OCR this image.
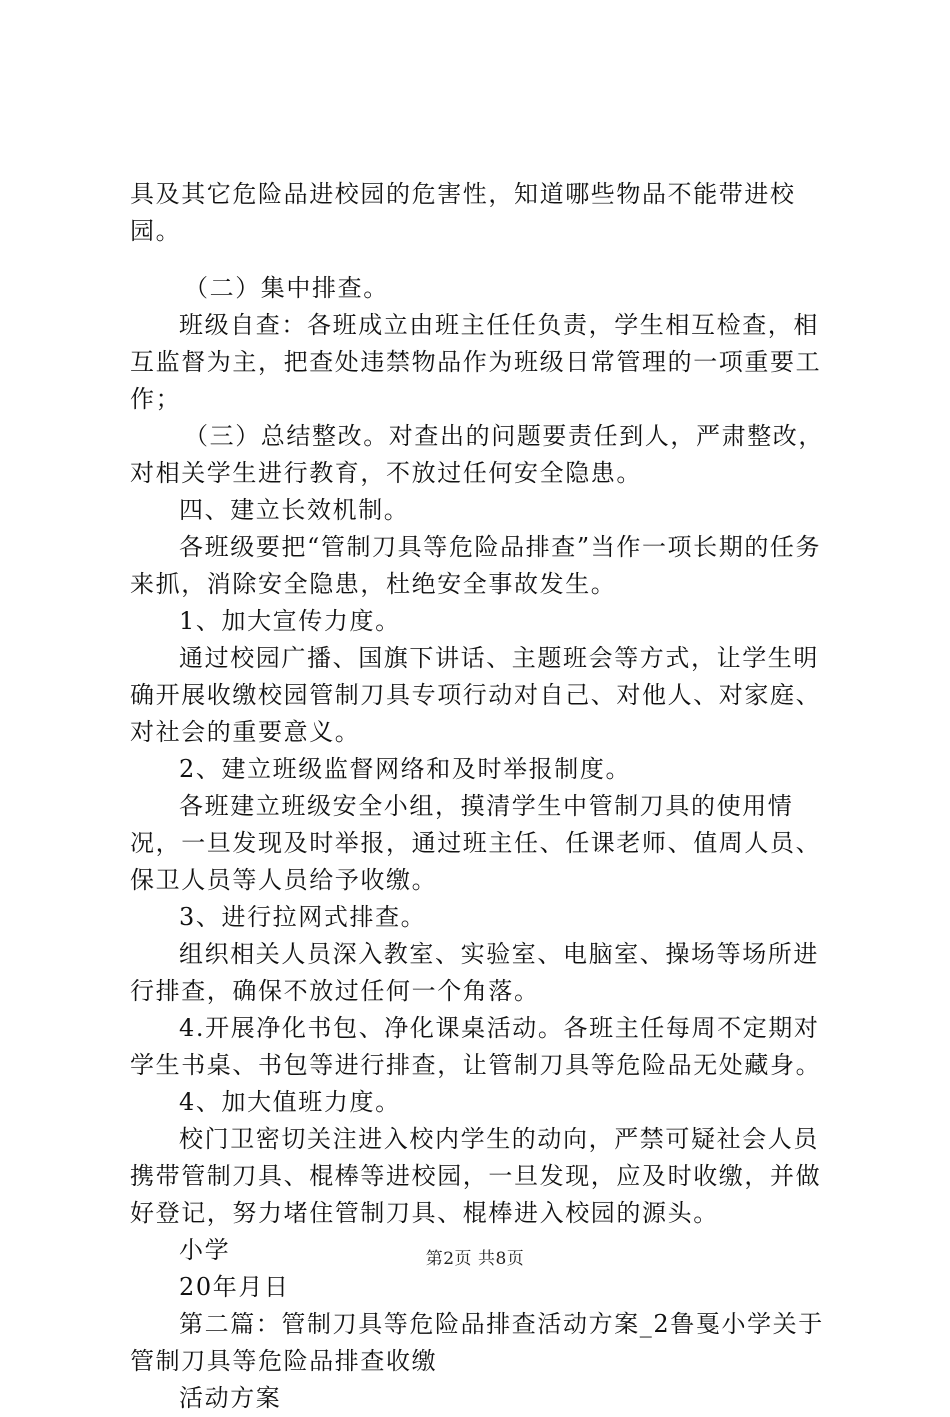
具及其它危险品进校园的危害性，知道哪些物品不能带进校园。

（二）集中排查。

班级自查：各班成立由班主任任负责，学生相互检查，相互监督为主，把查处违禁物品作为班级日常管理的一项重要工作；

（三）总结整改。对查出的问题要责任到人，严肃整改，对相关学生进行教育，不放过任何安全隐患。

四、建立长效机制。

各班级要把“管制刀具等危险品排查”当作一项长期的任务来抓，消除安全隐患，杜绝安全事故发生。

1、加大宣传力度。

通过校园广播、国旗下讲话、主题班会等方式，让学生明确开展收缴校园管制刀具专项行动对自己、对他人、对家庭、对社会的重要意义。

2、建立班级监督网络和及时举报制度。

各班建立班级安全小组，摸清学生中管制刀具的使用情况，一旦发现及时举报，通过班主任、任课老师、值周人员、保卫人员等人员给予收缴。

3、进行拉网式排查。

组织相关人员深入教室、实验室、电脑室、操场等场所进行排查，确保不放过任何一个角落。

4.开展净化书包、净化课桌活动。各班主任每周不定期对学生书桌、书包等进行排查，让管制刀具等危险品无处藏身。

4、加大值班力度。

校门卫密切关注进入校内学生的动向，严禁可疑社会人员携带管制刀具、棍棒等进校园，一旦发现，应及时收缴，并做好登记，努力堵住管制刀具、棍棒进入校园的源头。

小学

20年月日

第二篇：管制刀具等危险品排查活动方案_2鲁戛小学关于管制刀具等危险品排查收缴

活动方案

第2页 共8页
